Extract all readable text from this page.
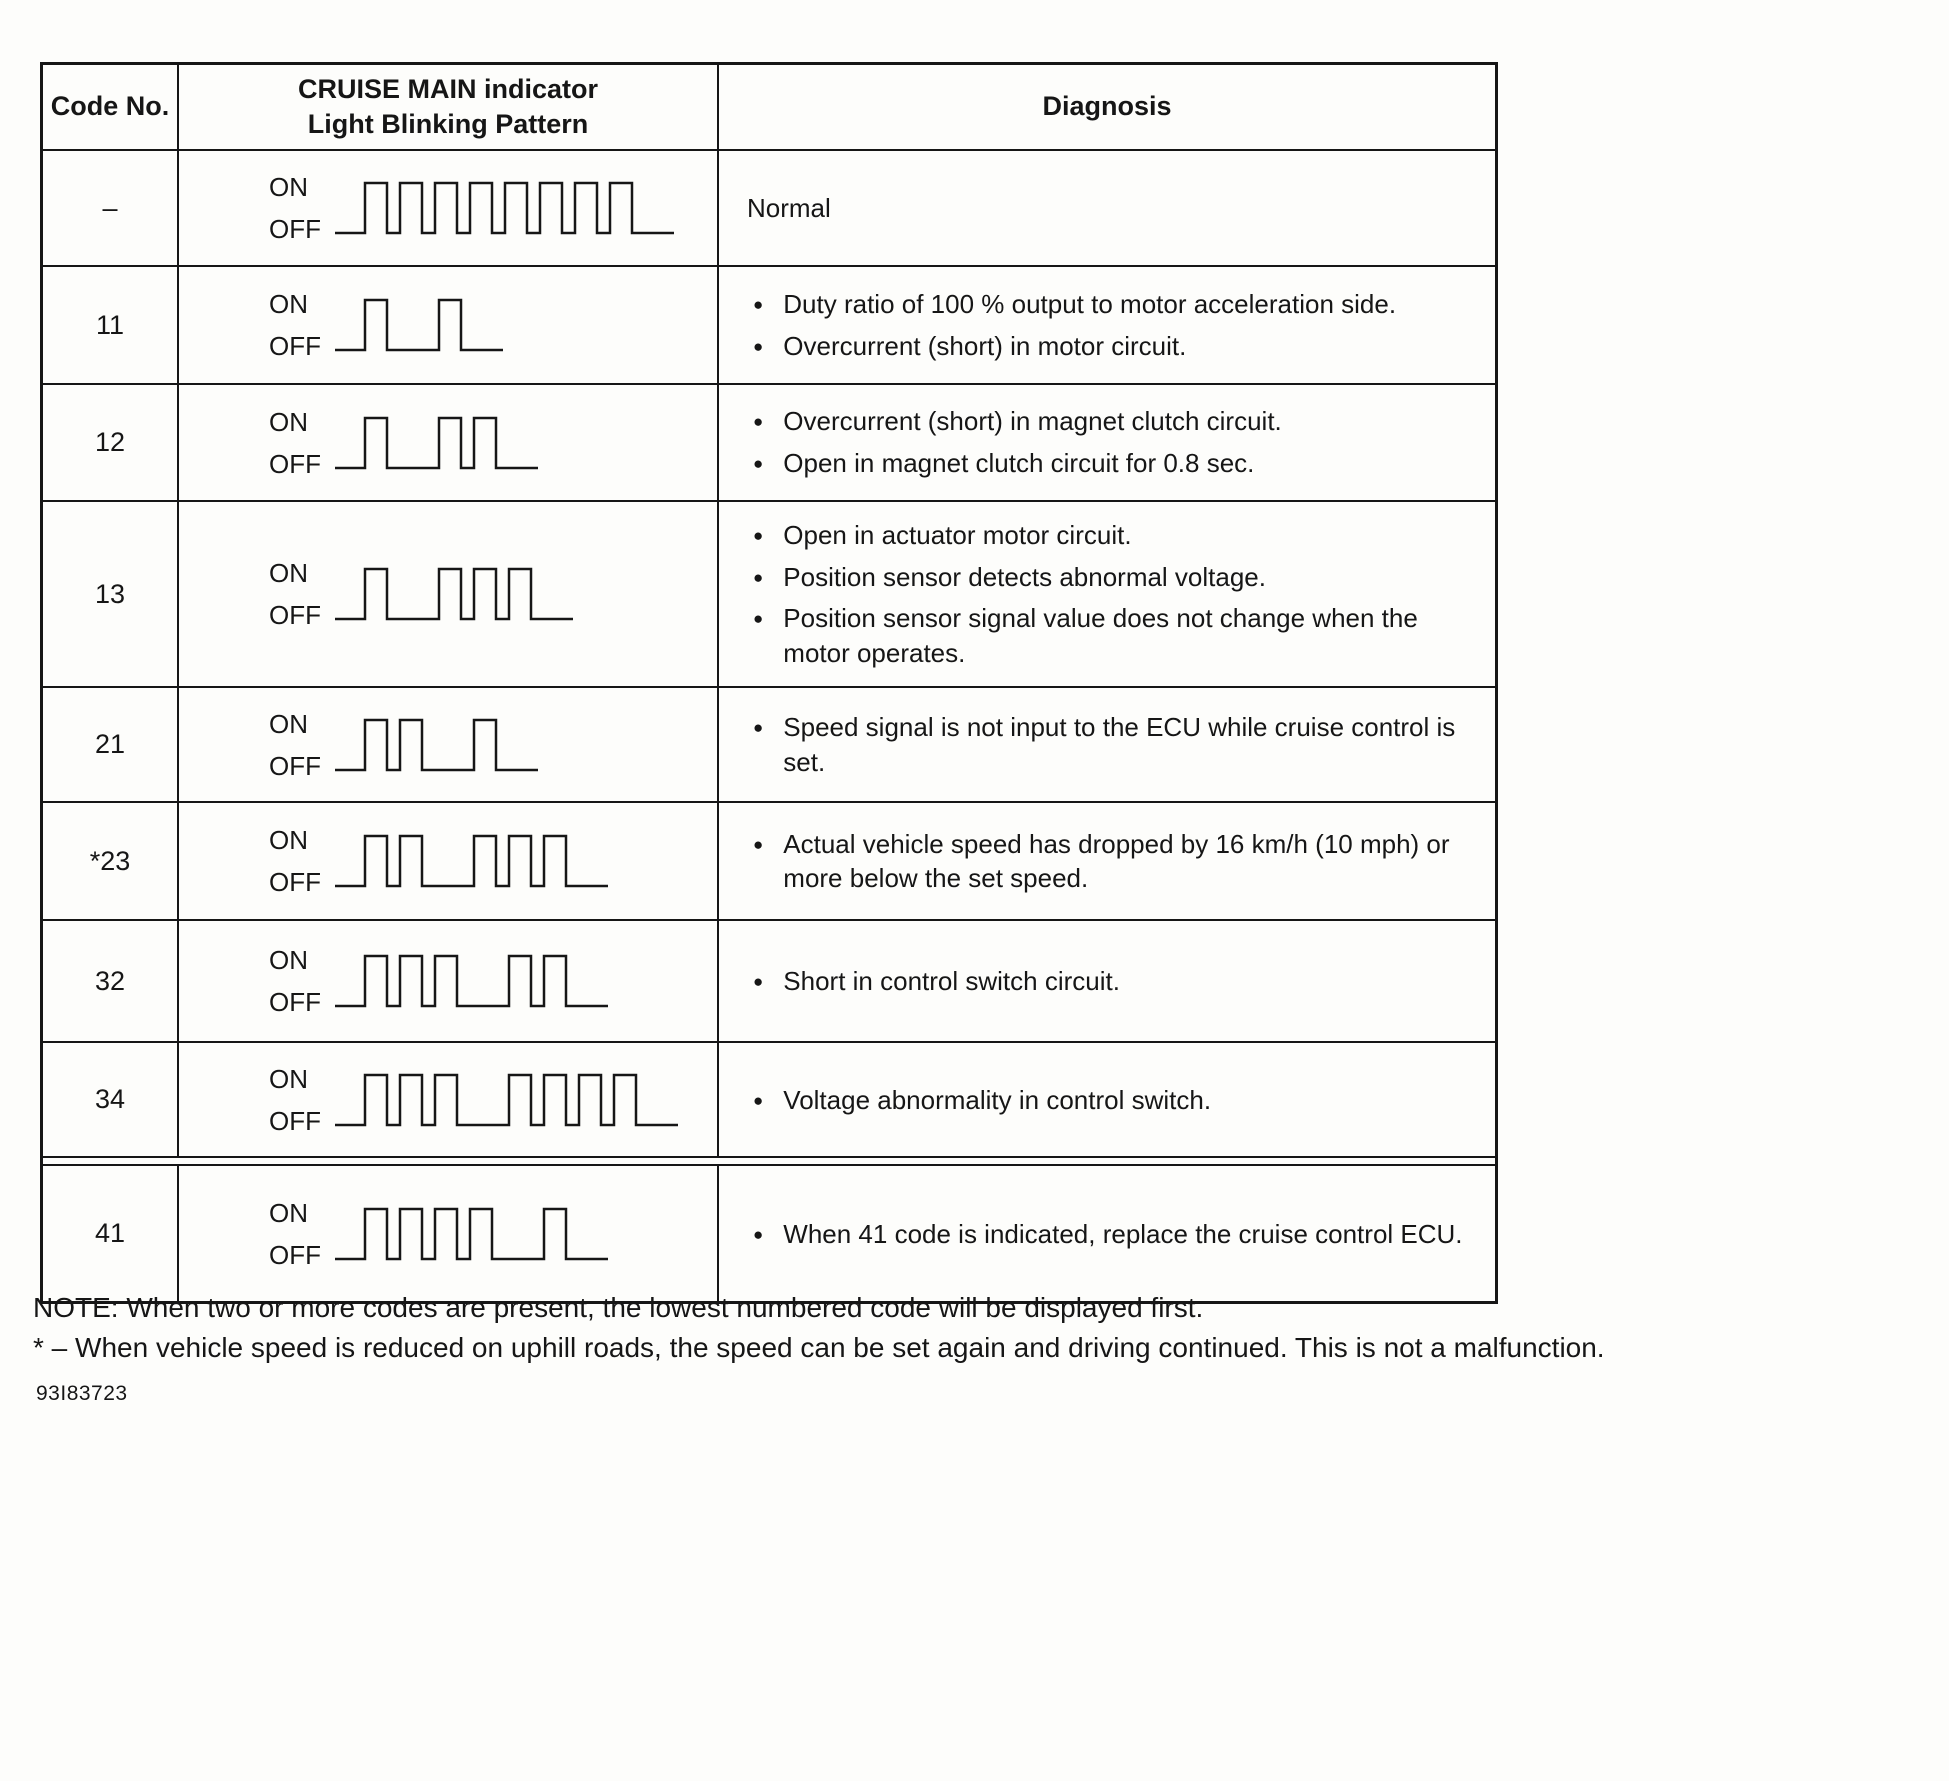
Code No.
CRUISE MAIN indicator
Light Blinking Pattern
Diagnosis
–
ON
OFF
Normal
11
ON
OFF
● Duty ratio of 100 % output to motor acceleration side.
● Overcurrent (short) in motor circuit.
12
ON
OFF
● Overcurrent (short) in magnet clutch circuit.
● Open in magnet clutch circuit for 0.8 sec.
13
ON
OFF
● Open in actuator motor circuit.
● Position sensor detects abnormal voltage.
● Position sensor signal value does not change when the motor operates.
21
ON
OFF
● Speed signal is not input to the ECU while cruise control is set.
*23
ON
OFF
● Actual vehicle speed has dropped by 16 km/h (10 mph) or more below the set speed.
32
ON
OFF
● Short in control switch circuit.
34
ON
OFF
● Voltage abnormality in control switch.
41
ON
OFF
● When 41 code is indicated, replace the cruise control ECU.
NOTE: When two or more codes are present, the lowest numbered code will be displayed first.
* – When vehicle speed is reduced on uphill roads, the speed can be set again and driving continued. This is not a malfunction.
93I83723
